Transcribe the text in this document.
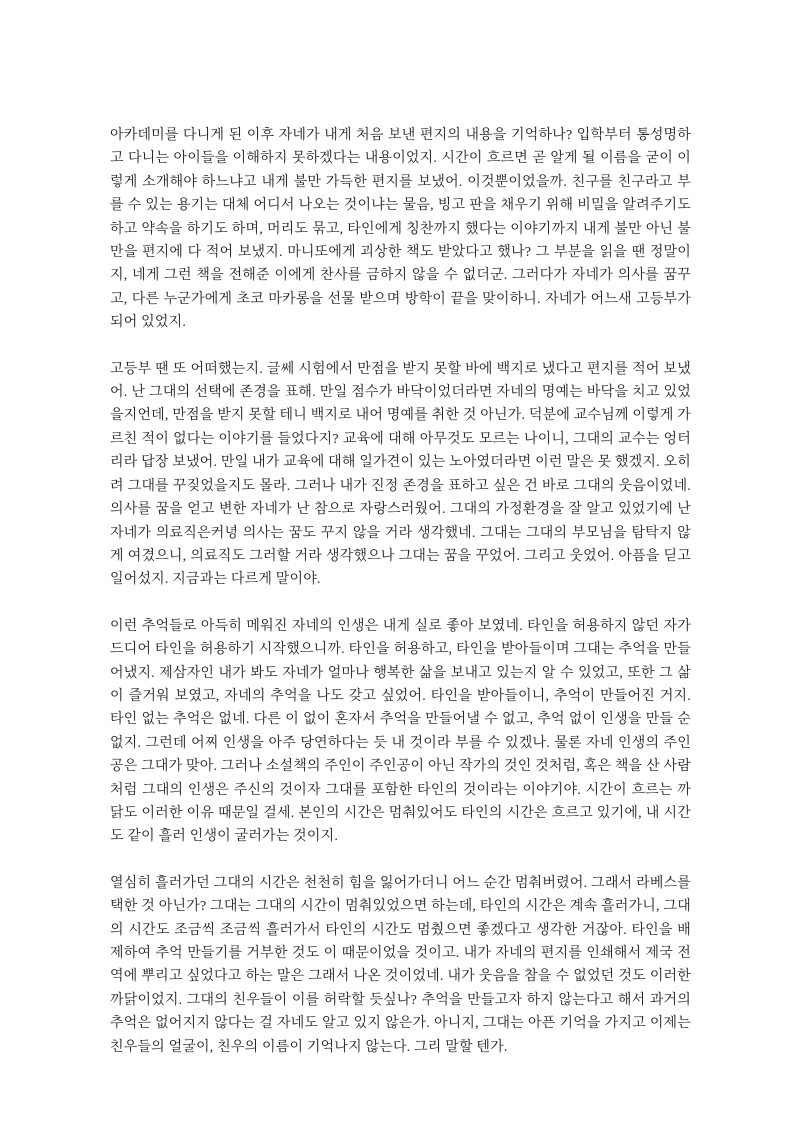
아카데미를 다니게 된 이후 자네가 내게 처음 보낸 편지의 내용을 기억하나? 입학부터 통성명하고 다니는 아이들을 이해하지 못하겠다는 내용이었지. 시간이 흐르면 곧 알게 될 이름을 굳이 이렇게 소개해야 하느냐고 내게 불만 가득한 편지를 보냈어. 이것뿐이었을까. 친구를 친구라고 부를 수 있는 용기는 대체 어디서 나오는 것이냐는 물음, 빙고 판을 채우기 위해 비밀을 알려주기도 하고 약속을 하기도 하며, 머리도 묶고, 타인에게 칭찬까지 했다는 이야기까지 내게 불만 아닌 불만을 편지에 다 적어 보냈지. 마니또에게 괴상한 책도 받았다고 했나? 그 부분을 읽을 땐 정말이지, 네게 그런 책을 전해준 이에게 찬사를 금하지 않을 수 없더군. 그러다가 자네가 의사를 꿈꾸고, 다른 누군가에게 초코 마카롱을 선물 받으며 방학이 끝을 맞이하니. 자네가 어느새 고등부가 되어 있었지.

고등부 땐 또 어떠했는지. 글쎄 시험에서 만점을 받지 못할 바에 백지로 냈다고 편지를 적어 보냈어. 난 그대의 선택에 존경을 표해. 만일 점수가 바닥이었더라면 자네의 명예는 바닥을 치고 있었을지언데, 만점을 받지 못할 테니 백지로 내어 명예를 취한 것 아닌가. 덕분에 교수님께 이렇게 가르친 적이 없다는 이야기를 들었다지? 교육에 대해 아무것도 모르는 나이니, 그대의 교수는 엉터리라 답장 보냈어. 만일 내가 교육에 대해 일가견이 있는 노아였더라면 이런 말은 못 했겠지. 오히려 그대를 꾸짖었을지도 몰라. 그러나 내가 진정 존경을 표하고 싶은 건 바로 그대의 웃음이었네. 의사를 꿈을 얻고 변한 자네가 난 참으로 자랑스러웠어. 그대의 가정환경을 잘 알고 있었기에 난 자네가 의료직은커녕 의사는 꿈도 꾸지 않을 거라 생각했네. 그대는 그대의 부모님을 탐탁지 않게 여겼으니, 의료직도 그러할 거라 생각했으나 그대는 꿈을 꾸었어. 그리고 웃었어. 아픔을 딛고 일어섰지. 지금과는 다르게 말이야.

이런 추억들로 아득히 메워진 자네의 인생은 내게 실로 좋아 보였네. 타인을 허용하지 않던 자가 드디어 타인을 허용하기 시작했으니까. 타인을 허용하고, 타인을 받아들이며 그대는 추억을 만들어냈지. 제삼자인 내가 봐도 자네가 얼마나 행복한 삶을 보내고 있는지 알 수 있었고, 또한 그 삶이 즐거워 보였고, 자네의 추억을 나도 갖고 싶었어. 타인을 받아들이니, 추억이 만들어진 거지. 타인 없는 추억은 없네. 다른 이 없이 혼자서 추억을 만들어낼 수 없고, 추억 없이 인생을 만들 순 없지. 그런데 어찌 인생을 아주 당연하다는 듯 내 것이라 부를 수 있겠나. 물론 자네 인생의 주인공은 그대가 맞아. 그러나 소설책의 주인이 주인공이 아닌 작가의 것인 것처럼, 혹은 책을 산 사람처럼 그대의 인생은 주신의 것이자 그대를 포함한 타인의 것이라는 이야기야. 시간이 흐르는 까닭도 이러한 이유 때문일 걸세. 본인의 시간은 멈춰있어도 타인의 시간은 흐르고 있기에, 내 시간도 같이 흘러 인생이 굴러가는 것이지.

열심히 흘러가던 그대의 시간은 천천히 힘을 잃어가더니 어느 순간 멈춰버렸어. 그래서 라베스를 택한 것 아닌가? 그대는 그대의 시간이 멈춰있었으면 하는데, 타인의 시간은 계속 흘러가니, 그대의 시간도 조금씩 조금씩 흘러가서 타인의 시간도 멈췄으면 좋겠다고 생각한 거잖아. 타인을 배제하여 추억 만들기를 거부한 것도 이 때문이었을 것이고. 내가 자네의 편지를 인쇄해서 제국 전역에 뿌리고 싶었다고 하는 말은 그래서 나온 것이었네. 내가 웃음을 참을 수 없었던 것도 이러한 까닭이었지. 그대의 친우들이 이를 허락할 듯싶나? 추억을 만들고자 하지 않는다고 해서 과거의 추억은 없어지지 않다는 걸 자네도 알고 있지 않은가. 아니지, 그대는 아픈 기억을 가지고 이제는 친우들의 얼굴이, 친우의 이름이 기억나지 않는다. 그리 말할 텐가.
